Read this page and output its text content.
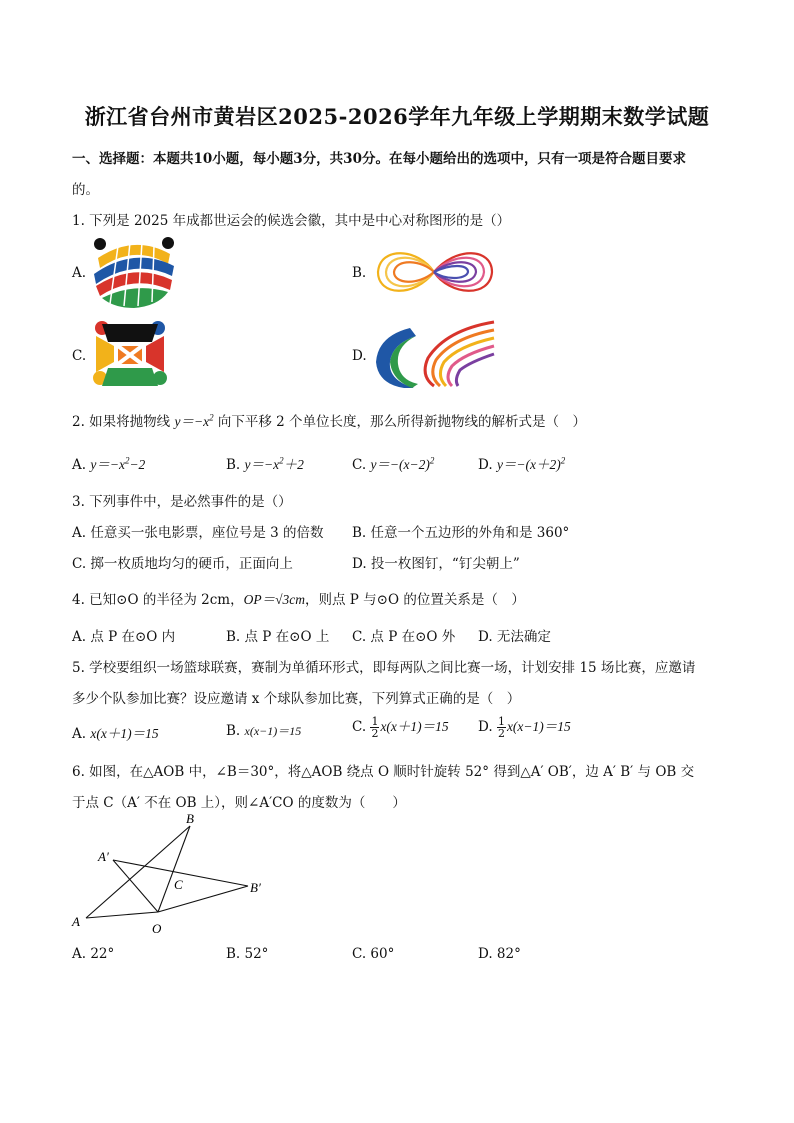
浙江省台州市黄岩区2025-2026学年九年级上学期期末数学试题
一、选择题：本题共10小题，每小题3分，共30分。在每小题给出的选项中，只有一项是符合题目要求
的。
1. 下列是 2025 年成都世运会的候选会徽，其中是中心对称图形的是（）
A.	B.
C.	D.
2. 如果将抛物线 $y=-x^2$ 向下平移 2 个单位长度，那么所得新抛物线的解析式是（　）
A. $y=-x^2-2$	B. $y=-x^2+2$	C. $y=-(x-2)^2$	D. $y=-(x+2)^2$
3. 下列事件中，是必然事件的是（）
A. 任意买一张电影票，座位号是 3 的倍数 B. 任意一个五边形的外角和是 360°
C. 掷一枚质地均匀的硬币，正面向上	D. 投一枚图钉，“钉尖朝上”
4. 已知⊙O 的半径为 2cm，OP＝√3cm，则点 P 与⊙O 的位置关系是（　）
A. 点 P 在⊙O 内	B. 点 P 在⊙O 上 C. 点 P 在⊙O 外 D. 无法确定
5. 学校要组织一场篮球联赛，赛制为单循环形式，即每两队之间比赛一场，计划安排 15 场比赛，应邀请
多少个队参加比赛？设应邀请 x 个球队参加比赛，下列算式正确的是（　）
A. x(x＋1)＝15	B. x(x−1)＝15	C. $\frac{1}{2} x(x+1)=15$ D. $\frac{1}{2} x(x-1)=15$
6. 如图，在△AOB 中，∠B＝30°，将△AOB 绕点 O 顺时针旋转 52° 得到△A′ OB′，边 A′ B′ 与 OB 交
于点 C（A′ 不在 OB 上），则∠A′CO 的度数为（　　）
A	O
B
A′
B′
C
A. 22°	B. 52°	C. 60°	D. 82°
